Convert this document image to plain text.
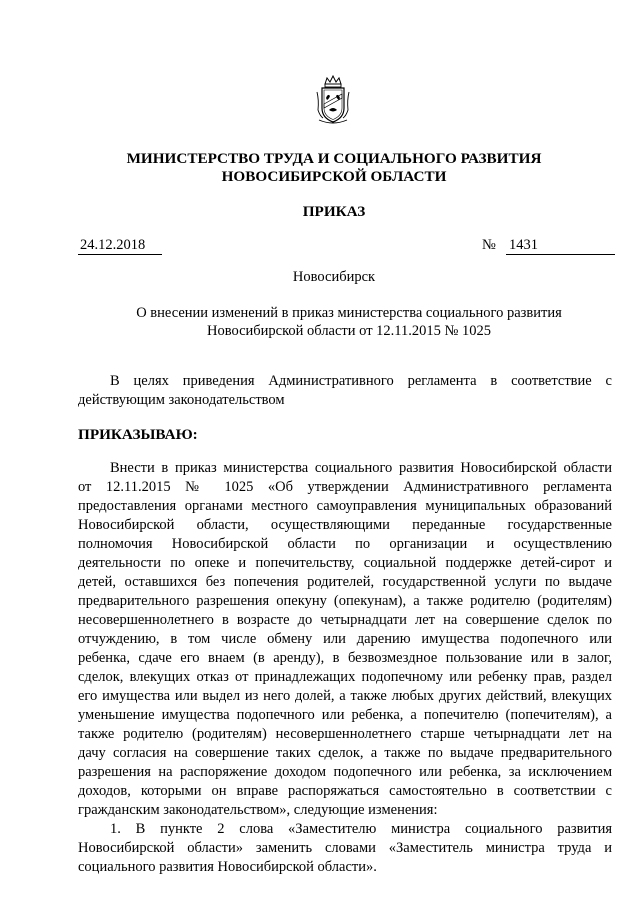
МИНИСТЕРСТВО ТРУДА И СОЦИАЛЬНОГО РАЗВИТИЯ
НОВОСИБИРСКОЙ ОБЛАСТИ
ПРИКАЗ
24.12.2018	№ 1431
Новосибирск
О внесении изменений в приказ министерства социального развития
Новосибирской области от 12.11.2015 № 1025
В целях приведения Административного регламента в соответствие с
действующим законодательством
ПРИКАЗЫВАЮ:
Внести в приказ министерства социального развития Новосибирской области
от 12.11.2015 № 1025 «Об утверждении Административного регламента
предоставления органами местного самоуправления муниципальных образований
Новосибирской области, осуществляющими переданные государственные
полномочия Новосибирской области по организации и осуществлению
деятельности по опеке и попечительству, социальной поддержке детей-сирот и
детей, оставшихся без попечения родителей, государственной услуги по выдаче
предварительного разрешения опекуну (опекунам), а также родителю (родителям)
несовершеннолетнего в возрасте до четырнадцати лет на совершение сделок по
отчуждению, в том числе обмену или дарению имущества подопечного или
ребенка, сдаче его внаем (в аренду), в безвозмездное пользование или в залог,
сделок, влекущих отказ от принадлежащих подопечному или ребенку прав, раздел
его имущества или выдел из него долей, а также любых других действий, влекущих
уменьшение имущества подопечного или ребенка, а попечителю (попечителям), а
также родителю (родителям) несовершеннолетнего старше четырнадцати лет на
дачу согласия на совершение таких сделок, а также по выдаче предварительного
разрешения на распоряжение доходом подопечного или ребенка, за исключением
доходов, которыми он вправе распоряжаться самостоятельно в соответствии с
гражданским законодательством», следующие изменения:
1. В пункте 2 слова «Заместителю министра социального развития
Новосибирской области» заменить словами «Заместитель министра труда и
социального развития Новосибирской области».
